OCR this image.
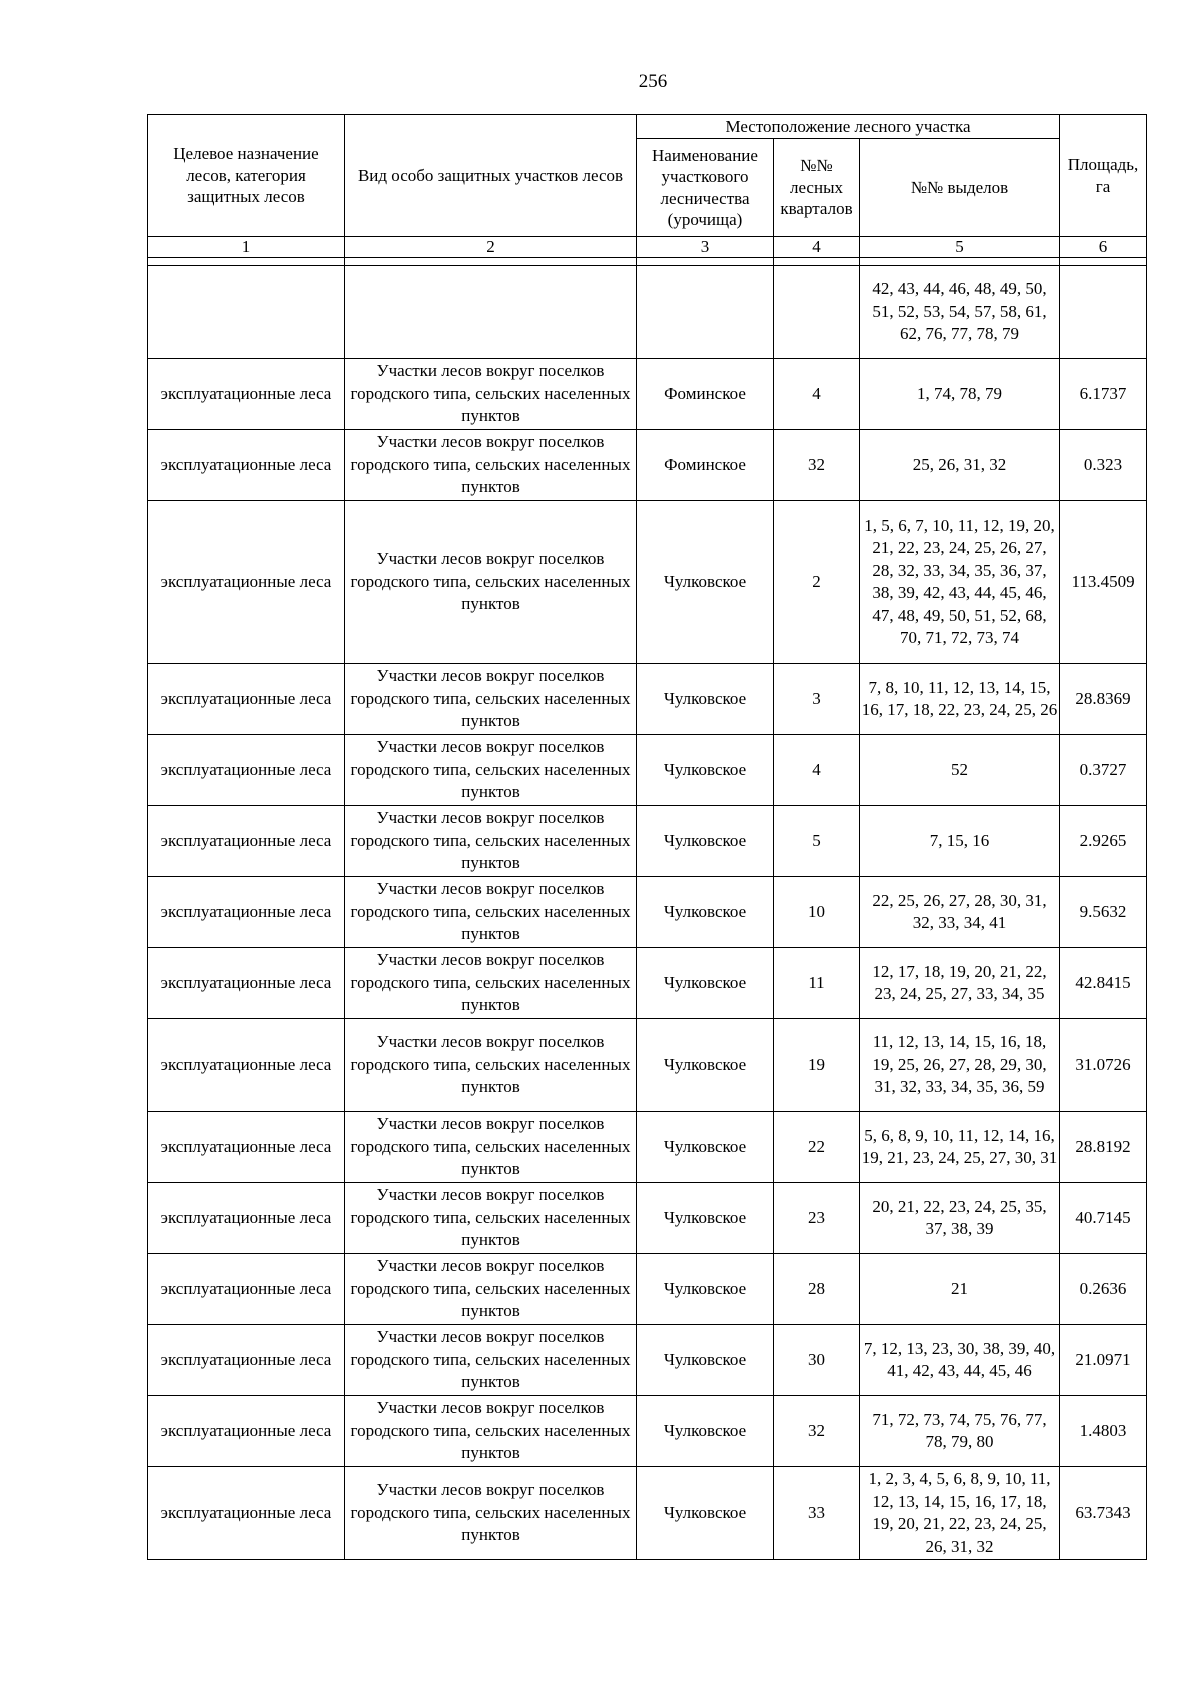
256
Целевое назначение лесов, категория защитных лесов	Вид особо защитных участков лесов	Местоположение лесного участка			Площадь, га
		Наименование участкового лесничества (урочища)	№№ лесных кварталов	№№ выделов	
1	2	3	4	5	6

				42, 43, 44, 46, 48, 49, 50, 51, 52, 53, 54, 57, 58, 61, 62, 76, 77, 78, 79	
эксплуатационные леса	Участки лесов вокруг поселков городского типа, сельских населенных пунктов	Фоминское	4	1, 74, 78, 79	6.1737
эксплуатационные леса	Участки лесов вокруг поселков городского типа, сельских населенных пунктов	Фоминское	32	25, 26, 31, 32	0.323
эксплуатационные леса	Участки лесов вокруг поселков городского типа, сельских населенных пунктов	Чулковское	2	1, 5, 6, 7, 10, 11, 12, 19, 20, 21, 22, 23, 24, 25, 26, 27, 28, 32, 33, 34, 35, 36, 37, 38, 39, 42, 43, 44, 45, 46, 47, 48, 49, 50, 51, 52, 68, 70, 71, 72, 73, 74	113.4509
эксплуатационные леса	Участки лесов вокруг поселков городского типа, сельских населенных пунктов	Чулковское	3	7, 8, 10, 11, 12, 13, 14, 15, 16, 17, 18, 22, 23, 24, 25, 26	28.8369
эксплуатационные леса	Участки лесов вокруг поселков городского типа, сельских населенных пунктов	Чулковское	4	52	0.3727
эксплуатационные леса	Участки лесов вокруг поселков городского типа, сельских населенных пунктов	Чулковское	5	7, 15, 16	2.9265
эксплуатационные леса	Участки лесов вокруг поселков городского типа, сельских населенных пунктов	Чулковское	10	22, 25, 26, 27, 28, 30, 31, 32, 33, 34, 41	9.5632
эксплуатационные леса	Участки лесов вокруг поселков городского типа, сельских населенных пунктов	Чулковское	11	12, 17, 18, 19, 20, 21, 22, 23, 24, 25, 27, 33, 34, 35	42.8415
эксплуатационные леса	Участки лесов вокруг поселков городского типа, сельских населенных пунктов	Чулковское	19	11, 12, 13, 14, 15, 16, 18, 19, 25, 26, 27, 28, 29, 30, 31, 32, 33, 34, 35, 36, 59	31.0726
эксплуатационные леса	Участки лесов вокруг поселков городского типа, сельских населенных пунктов	Чулковское	22	5, 6, 8, 9, 10, 11, 12, 14, 16, 19, 21, 23, 24, 25, 27, 30, 31	28.8192
эксплуатационные леса	Участки лесов вокруг поселков городского типа, сельских населенных пунктов	Чулковское	23	20, 21, 22, 23, 24, 25, 35, 37, 38, 39	40.7145
эксплуатационные леса	Участки лесов вокруг поселков городского типа, сельских населенных пунктов	Чулковское	28	21	0.2636
эксплуатационные леса	Участки лесов вокруг поселков городского типа, сельских населенных пунктов	Чулковское	30	7, 12, 13, 23, 30, 38, 39, 40, 41, 42, 43, 44, 45, 46	21.0971
эксплуатационные леса	Участки лесов вокруг поселков городского типа, сельских населенных пунктов	Чулковское	32	71, 72, 73, 74, 75, 76, 77, 78, 79, 80	1.4803
эксплуатационные леса	Участки лесов вокруг поселков городского типа, сельских населенных пунктов	Чулковское	33	1, 2, 3, 4, 5, 6, 8, 9, 10, 11, 12, 13, 14, 15, 16, 17, 18, 19, 20, 21, 22, 23, 24, 25, 26, 31, 32	63.7343
